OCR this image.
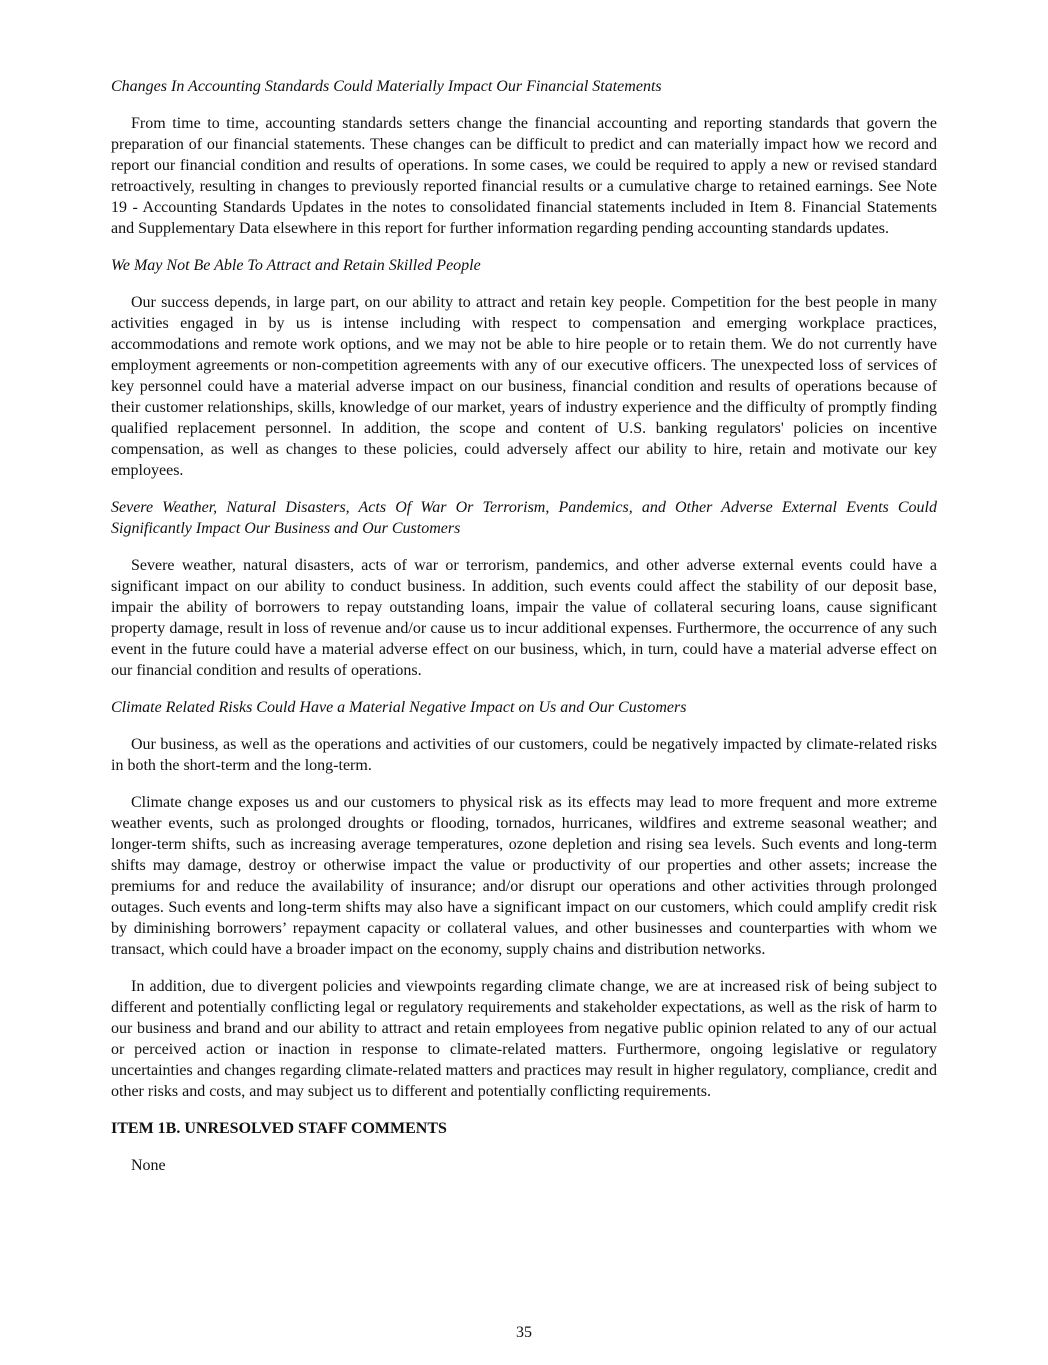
Changes In Accounting Standards Could Materially Impact Our Financial Statements

From time to time, accounting standards setters change the financial accounting and reporting standards that govern the preparation of our financial statements. These changes can be difficult to predict and can materially impact how we record and report our financial condition and results of operations. In some cases, we could be required to apply a new or revised standard retroactively, resulting in changes to previously reported financial results or a cumulative charge to retained earnings. See Note 19 - Accounting Standards Updates in the notes to consolidated financial statements included in Item 8. Financial Statements and Supplementary Data elsewhere in this report for further information regarding pending accounting standards updates.

We May Not Be Able To Attract and Retain Skilled People

Our success depends, in large part, on our ability to attract and retain key people. Competition for the best people in many activities engaged in by us is intense including with respect to compensation and emerging workplace practices, accommodations and remote work options, and we may not be able to hire people or to retain them. We do not currently have employment agreements or non-competition agreements with any of our executive officers. The unexpected loss of services of key personnel could have a material adverse impact on our business, financial condition and results of operations because of their customer relationships, skills, knowledge of our market, years of industry experience and the difficulty of promptly finding qualified replacement personnel. In addition, the scope and content of U.S. banking regulators' policies on incentive compensation, as well as changes to these policies, could adversely affect our ability to hire, retain and motivate our key employees.

Severe Weather, Natural Disasters, Acts Of War Or Terrorism, Pandemics, and Other Adverse External Events Could Significantly Impact Our Business and Our Customers

Severe weather, natural disasters, acts of war or terrorism, pandemics, and other adverse external events could have a significant impact on our ability to conduct business. In addition, such events could affect the stability of our deposit base, impair the ability of borrowers to repay outstanding loans, impair the value of collateral securing loans, cause significant property damage, result in loss of revenue and/or cause us to incur additional expenses. Furthermore, the occurrence of any such event in the future could have a material adverse effect on our business, which, in turn, could have a material adverse effect on our financial condition and results of operations.

Climate Related Risks Could Have a Material Negative Impact on Us and Our Customers

Our business, as well as the operations and activities of our customers, could be negatively impacted by climate-related risks in both the short-term and the long-term.

Climate change exposes us and our customers to physical risk as its effects may lead to more frequent and more extreme weather events, such as prolonged droughts or flooding, tornados, hurricanes, wildfires and extreme seasonal weather; and longer-term shifts, such as increasing average temperatures, ozone depletion and rising sea levels. Such events and long-term shifts may damage, destroy or otherwise impact the value or productivity of our properties and other assets; increase the premiums for and reduce the availability of insurance; and/or disrupt our operations and other activities through prolonged outages. Such events and long-term shifts may also have a significant impact on our customers, which could amplify credit risk by diminishing borrowers’ repayment capacity or collateral values, and other businesses and counterparties with whom we transact, which could have a broader impact on the economy, supply chains and distribution networks.

In addition, due to divergent policies and viewpoints regarding climate change, we are at increased risk of being subject to different and potentially conflicting legal or regulatory requirements and stakeholder expectations, as well as the risk of harm to our business and brand and our ability to attract and retain employees from negative public opinion related to any of our actual or perceived action or inaction in response to climate-related matters. Furthermore, ongoing legislative or regulatory uncertainties and changes regarding climate-related matters and practices may result in higher regulatory, compliance, credit and other risks and costs, and may subject us to different and potentially conflicting requirements.

ITEM 1B. UNRESOLVED STAFF COMMENTS

None

35
